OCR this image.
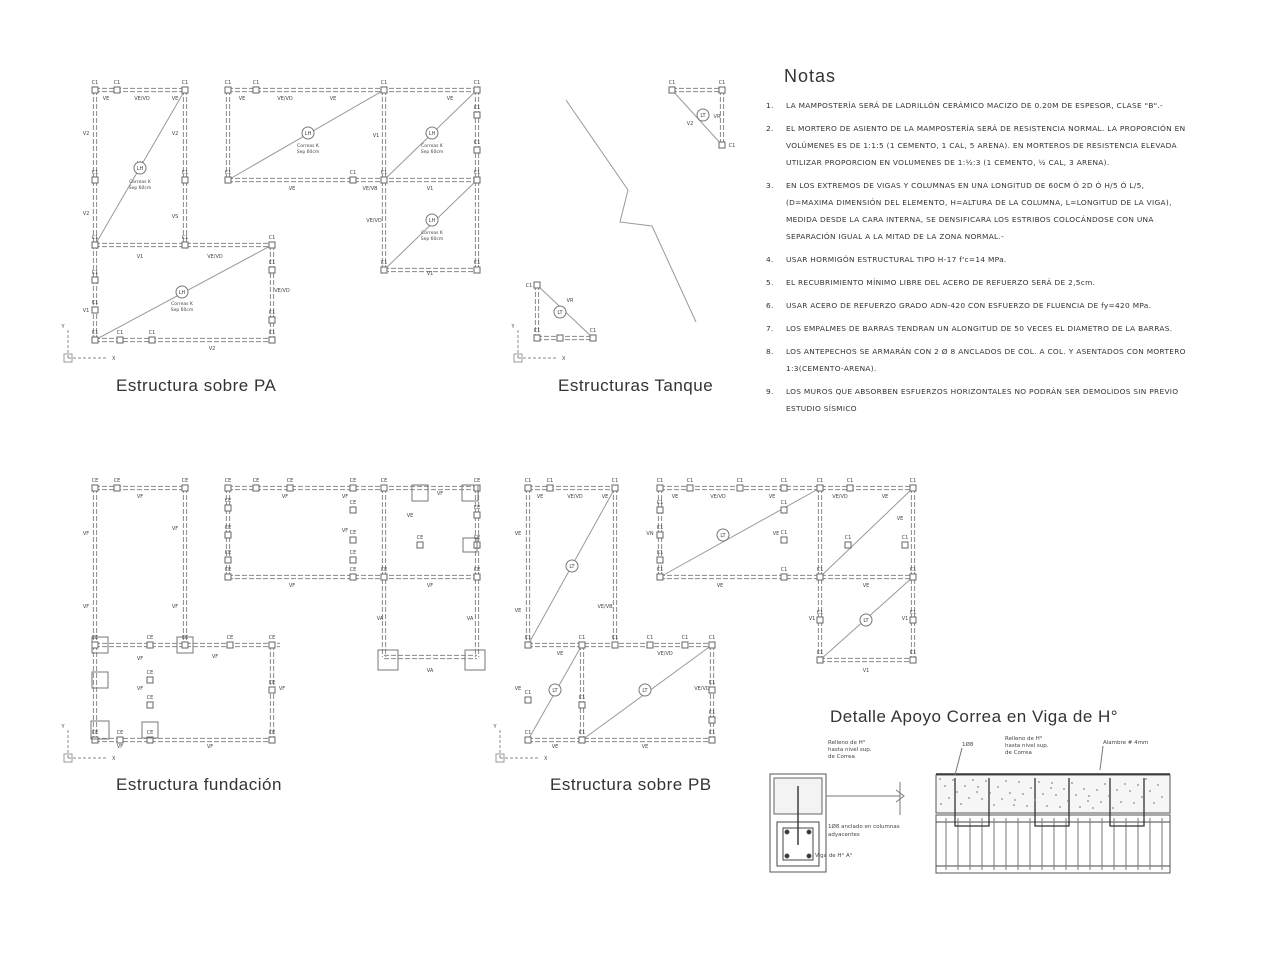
C1	C1	C1	C1	C1	C1	C1
C1	C1	C1	C1	C1	C1
C1	C1	C1
C1
C1
C1	C1	C1	C1
C1
C1	C1
C1
C1
C1
LH
Correas K
Sep 60cm
LH
Correas K
Sep 60cm
LH
Correas K
Sep 60cm
LH
Correas K
Sep 60cm
LH
Correas K
Sep 60cm
VE	VE/VD	VE	VE	VE/VD	VE	VE
V2	V2
V2	VS
V1	VE/VD
VE	VE/VB	V1
V1
VE/VD
V1
V2
VE/VD
V1
Y
X
C1	C1
C1
LT
V2
VR
C1
C1	C1
LT
VR
Y
X
CE	CE	CE	CE	CE	CE	CE	CE	CE
CE
CE
CE
CE	CE	CE	CE
CE
CE
CE
CE
CE	CE	CE	CE	CE
CE
CE
CE
CE
CE	CE	CE
CE
CE
VF
VF
VF
VF
VF
VF	VF
VF
VF	VF
VA	VA
VA
VF	VF
VF
VF
VF
VE
VF
VF
Y
X
C1	C1	C1	C1	C1	C1	C1	C1	C1	C1
C1
C1
C1
C1	C1	C1	C1
C1
C1
C1	C1
C1	C1	C1	C1	C1	C1
C1
C1
C1
C1	C1
C1
C1
C1	C1
C1
C1
LT
LT
LT
LT	LT
VE	VE/VD	VE	VE	VE/VD	VE	VE/VD	VE
VN	VE
VE
VE	VE
VE
VE
VE/VB
V1	V1
V1
VE	VE/VD
VE/VD
VE
VE
VE
Y
X
Relleno de H°
hasta nivel sup.
de Correa
1Ø8 anclado en columnas
adyacentes
Viga de H° A°
1Ø8
Relleno de H°
hasta nivel sup.
de Correa
Alambre # 4mm
Estructura sobre PA	Estructuras Tanque
Estructura fundación	Estructura sobre PB
Detalle Apoyo Correa en Viga de H°
Notas
1. LA MAMPOSTERÍA SERÁ DE LADRILLÓN CERÁMICO MACIZO DE 0.20M DE ESPESOR, CLASE "B".-
2. EL MORTERO DE ASIENTO DE LA MAMPOSTERÍA SERÁ DE RESISTENCIA NORMAL. LA PROPORCIÓN EN VOLÚMENES ES DE 1:1:5 (1 CEMENTO, 1 CAL, 5 ARENA). EN MORTEROS DE RESISTENCIA ELEVADA UTILIZAR PROPORCION EN VOLUMENES DE 1:½:3 (1 CEMENTO, ½ CAL, 3 ARENA).
3. EN LOS EXTREMOS DE VIGAS Y COLUMNAS EN UNA LONGITUD DE 60CM Ó 2D Ó H/5 Ó L/5, (D=MAXIMA DIMENSIÓN DEL ELEMENTO, H=ALTURA DE LA COLUMNA, L=LONGITUD DE LA VIGA), MEDIDA DESDE LA CARA INTERNA, SE DENSIFICARA LOS ESTRIBOS COLOCÁNDOSE CON UNA SEPARACIÓN IGUAL A LA MITAD DE LA ZONA NORMAL.-
4. USAR HORMIGÓN ESTRUCTURAL TIPO H-17 f'c=14 MPa.
5. EL RECUBRIMIENTO MÍNIMO LIBRE DEL ACERO DE REFUERZO SERÁ DE 2,5cm.
6. USAR ACERO DE REFUERZO GRADO ADN-420 CON ESFUERZO DE FLUENCIA DE fy=420 MPa.
7. LOS EMPALMES DE BARRAS TENDRAN UN ALONGITUD DE 50 VECES EL DIAMETRO DE LA BARRAS.
8. LOS ANTEPECHOS SE ARMARÁN CON 2 Ø 8 ANCLADOS DE COL. A COL. Y ASENTADOS CON MORTERO 1:3(CEMENTO-ARENA).
9. LOS MUROS QUE ABSORBEN ESFUERZOS HORIZONTALES NO PODRÁN SER DEMOLIDOS SIN PREVIO ESTUDIO SÍSMICO
